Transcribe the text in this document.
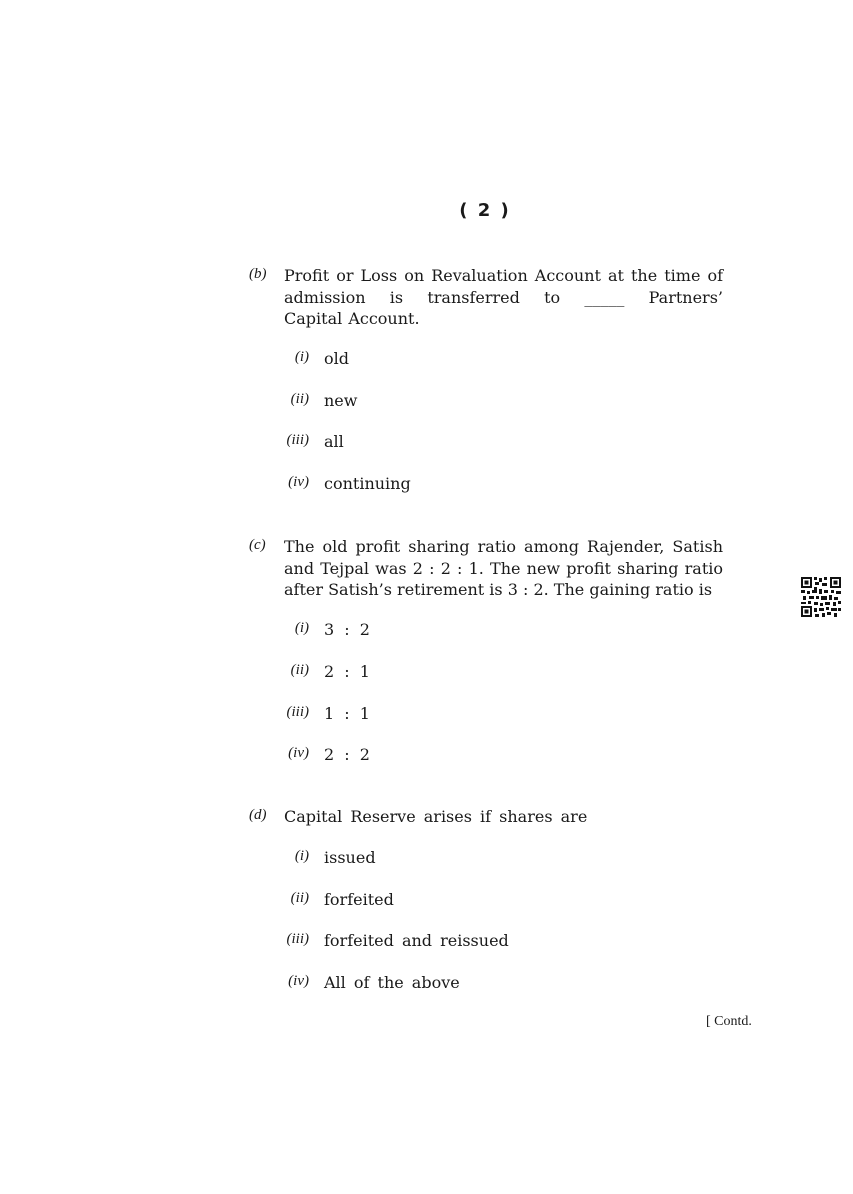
( 2 )
(b) Profit or Loss on Revaluation Account at the time of
admission is transferred to _____ Partners’
Capital Account.
(i) old
(ii) new
(iii) all
(iv) continuing
(c) The old profit sharing ratio among Rajender, Satish
and Tejpal was 2 : 2 : 1. The new profit sharing ratio
after Satish’s retirement is 3 : 2. The gaining ratio is
(i) 3 : 2
(ii) 2 : 1
(iii) 1 : 1
(iv) 2 : 2
(d) Capital Reserve arises if shares are
(i) issued
(ii) forfeited
(iii) forfeited and reissued
(iv) All of the above
[ Contd.
